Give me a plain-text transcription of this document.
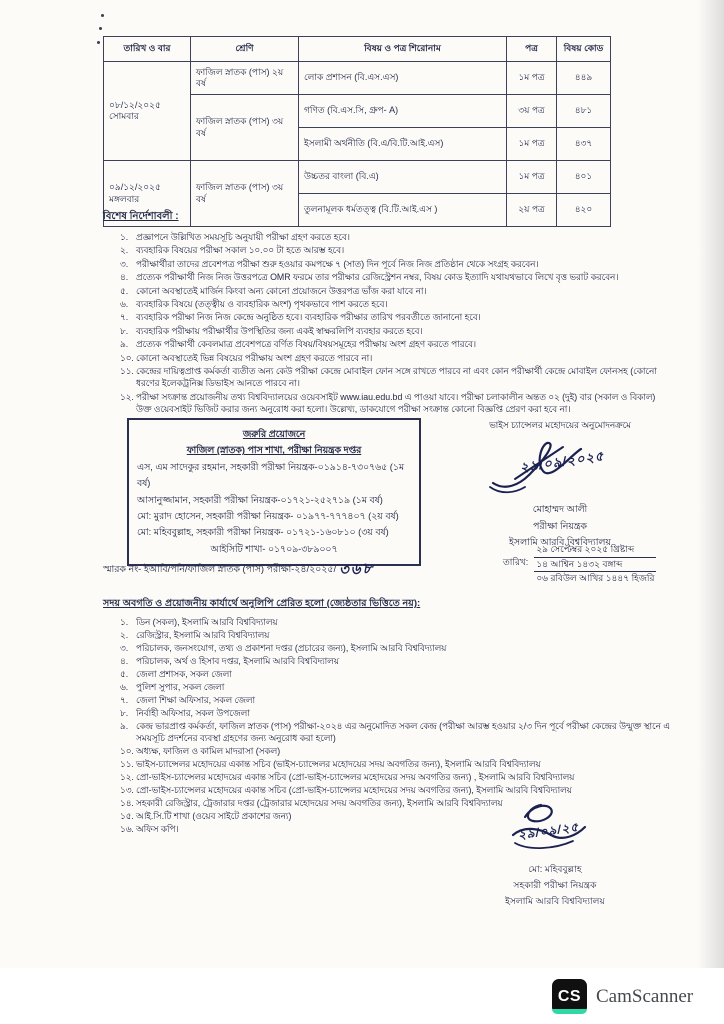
তারিখ ও বার	শ্রেণি	বিষয় ও পত্র শিরোনাম	পত্র	বিষয় কোড

০৮/১২/২০২৫
সোমবার	ফাজিল স্নাতক (পাস) ২য় বর্ষ	লোক প্রশাসন (বি.এস.এস)	১ম পত্র	৪৪৯
	ফাজিল স্নাতক (পাস) ৩য় বর্ষ	গণিত (বি.এস.সি, গ্রুপ- A)	৩য় পত্র	৪৮১
		ইসলামী অর্থনীতি (বি.এ/বি.টি.আই.এস)	১ম পত্র	৪৩৭

০৯/১২/২০২৫
মঙ্গলবার	ফাজিল স্নাতক (পাস) ৩য় বর্ষ	উচ্চতর বাংলা (বি.এ)	১ম পত্র	৪০১
		তুলনামূলক ধর্মতত্ত্ব (বি.টি.আই.এস )	২য় পত্র	৪২০
বিশেষ নির্দেশাবলী :
১. প্রজ্ঞাপনে উল্লিখিত সময়সূচি অনুযায়ী পরীক্ষা গ্রহণ করতে হবে।
২. ব্যবহারিক বিষয়ের পরীক্ষা সকাল ১০.০০ টা হতে আরম্ভ হবে।
৩. পরীক্ষার্থীরা তাদের প্রবেশপত্র পরীক্ষা শুরু হওয়ার কমপক্ষে ৭ (সাত) দিন পূর্বে নিজ নিজ প্রতিষ্ঠান থেকে সংগ্রহ করবেন।
৪. প্রত্যেক পরীক্ষার্থী নিজ নিজ উত্তরপত্রে OMR ফরমে তার পরীক্ষার রেজিস্ট্রেশন নম্বর, বিষয় কোড ইত্যাদি যথাযথভাবে লিখে বৃত্ত ভরাট করবেন।
৫. কোনো অবস্থাতেই মার্জিন কিংবা অন্য কোনো প্রয়োজনে উত্তরপত্র ভাঁজ করা যাবে না।
৬. ব্যবহারিক বিষয়ে (তত্ত্বীয় ও ব্যবহারিক অংশ) পৃথকভাবে পাশ করতে হবে।
৭. ব্যবহারিক পরীক্ষা নিজ নিজ কেন্দ্রে অনুষ্ঠিত হবে। ব্যবহারিক পরীক্ষার তারিখ পরবর্তীতে জানানো হবে।
৮. ব্যবহারিক পরীক্ষায় পরীক্ষার্থীর উপস্থিতির জন্য একই স্বাক্ষরলিপি ব্যবহার করতে হবে।
৯. প্রত্যেক পরীক্ষার্থী কেবলমাত্র প্রবেশপত্রে বর্ণিত বিষয়/বিষয়সমূহের পরীক্ষায় অংশ গ্রহণ করতে পারবে।
১০. কোনো অবস্থাতেই ভিন্ন বিষয়ের পরীক্ষায় অংশ গ্রহণ করতে পারবে না।
১১. কেন্দ্রের দায়িত্বপ্রাপ্ত কর্মকর্তা ব্যতীত অন্য কেউ পরীক্ষা কেন্দ্রে মোবাইল ফোন সঙ্গে রাখতে পারবে না এবং কোন পরীক্ষার্থী কেন্দ্রে মোবাইল ফোনসহ (কোনো ধরণের ইলেকট্রনিক্স ডিভাইস আনতে পারবে না।
১২. পরীক্ষা সংক্রান্ত প্রয়োজনীয় তথ্য বিশ্ববিদ্যালয়ের ওয়েবসাইট www.iau.edu.bd এ পাওয়া যাবে। পরীক্ষা চলাকালীন অন্তত ০২ (দুই) বার (সকাল ও বিকাল) উক্ত ওয়েবসাইট ভিজিট করার জন্য অনুরোধ করা হলো। উল্লেখ্য, ডাকযোগে পরীক্ষা সংক্রান্ত কোনো বিজ্ঞপ্তি প্রেরণ করা হবে না।
জরুরি প্রয়োজনে
ফাজিল (স্নাতক) পাস শাখা, পরীক্ষা নিয়ন্ত্রক দপ্তর
এস, এম সাদেকুর রহমান, সহকারী পরীক্ষা নিয়ন্ত্রক-০১৯১৪-৭৩০৭৬৫ (১ম বর্ষ)
আসানুজ্জামান, সহকারী পরীক্ষা নিয়ন্ত্রক-০১৭২১-২৫২৭১৯ (১ম বর্ষ)
মো: মুরাদ হোসেন, সহকারী পরীক্ষা নিয়ন্ত্রক- ০১৯৭৭-৭৭৭৪০৭ (২য় বর্ষ)
মো: মহিববুল্লাহ, সহকারী পরীক্ষা নিয়ন্ত্রক- ০১৭২১-১৬০৮১০ (৩য় বর্ষ)
আইসিটি শাখা- ০১৭০৯-৩৮৯০০৭
ভাইস চ্যান্সেলর মহোদয়ের অনুমোদনক্রমে
২৯/০৯/২০২৫
মোহাম্মদ আলী
পরীক্ষা নিয়ন্ত্রক
ইসলামি আরবি বিশ্ববিদ্যালয়
স্মারক নং- ইআবি/পনি/ফাজিল স্নাতক (পাস) পরীক্ষা-২৪/২০২৫/ ৩৬৮	তারিখ:
২৯ সেপ্টেম্বর ২০২৫ খ্রিষ্টাব্দ
১৪ আশ্বিন ১৪৩২ বঙ্গাব্দ
০৬ রবিউল আখির ১৪৪৭ হিজরি
সদয় অবগতি ও প্রয়োজনীয় কার্যার্থে অনুলিপি প্রেরিত হলো (জ্যেষ্ঠতার ভিত্তিতে নয়):
১. ডিন (সকল), ইসলামি আরবি বিশ্ববিদ্যালয়
২. রেজিস্ট্রার, ইসলামি আরবি বিশ্ববিদ্যালয়
৩. পরিচালক, জনসংযোগ, তথ্য ও প্রকাশনা দপ্তর (প্রচারের জন্য), ইসলামি আরবি বিশ্ববিদ্যালয়
৪. পরিচালক, অর্থ ও হিসাব দপ্তর, ইসলামি আরবি বিশ্ববিদ্যালয়
৫. জেলা প্রশাসক, সকল জেলা
৬. পুলিশ সুপার, সকল জেলা
৭. জেলা শিক্ষা অফিসার, সকল জেলা
৮. নির্বাহী অফিসার, সকল উপজেলা
৯. কেন্দ্র ভারপ্রাপ্ত কর্মকর্তা, ফাজিল স্নাতক (পাস) পরীক্ষা-২০২৪ এর অনুমোদিত সকল কেন্দ্র (পরীক্ষা আরম্ভ হওয়ার ২/৩ দিন পূর্বে পরীক্ষা কেন্দ্রের উন্মুক্ত স্থানে এ সময়সূচি প্রদর্শনের ব্যবস্থা গ্রহণের জন্য অনুরোধ করা হলো)
১০. অধ্যক্ষ, ফাজিল ও কামিল মাদরাসা (সকল)
১১. ভাইস-চ্যান্সেলর মহোদয়ের একান্ত সচিব (ভাইস-চ্যান্সেলর মহোদয়ের সদয় অবগতির জন্য), ইসলামি আরবি বিশ্ববিদ্যালয়
১২. প্রো-ভাইস-চ্যান্সেলর মহোদয়ের একান্ত সচিব (প্রো-ভাইস-চ্যান্সেলর মহোদয়ের সদয় অবগতির জন্য) , ইসলামি আরবি বিশ্ববিদ্যালয়
১৩. প্রো-ভাইস-চ্যান্সেলর মহোদয়ের একান্ত সচিব (প্রো-ভাইস-চ্যান্সেলর মহোদয়ের সদয় অবগতির জন্য), ইসলামি আরবি বিশ্ববিদ্যালয়
১৪. সহকারী রেজিস্ট্রার, ট্রেজারার দপ্তর (ট্রেজারার মহোদয়ের সদয় অবগতির জন্য), ইসলামি আরবি বিশ্ববিদ্যালয়
১৫. আই.সি.টি শাখা (ওয়েব সাইটে প্রকাশের জন্য)
১৬. অফিস কপি।	২৯/০৯/২৫
মো: মহিববুল্লাহ
সহকারী পরীক্ষা নিয়ন্ত্রক
ইসলামি আরবি বিশ্ববিদ্যালয়
CS CamScanner
